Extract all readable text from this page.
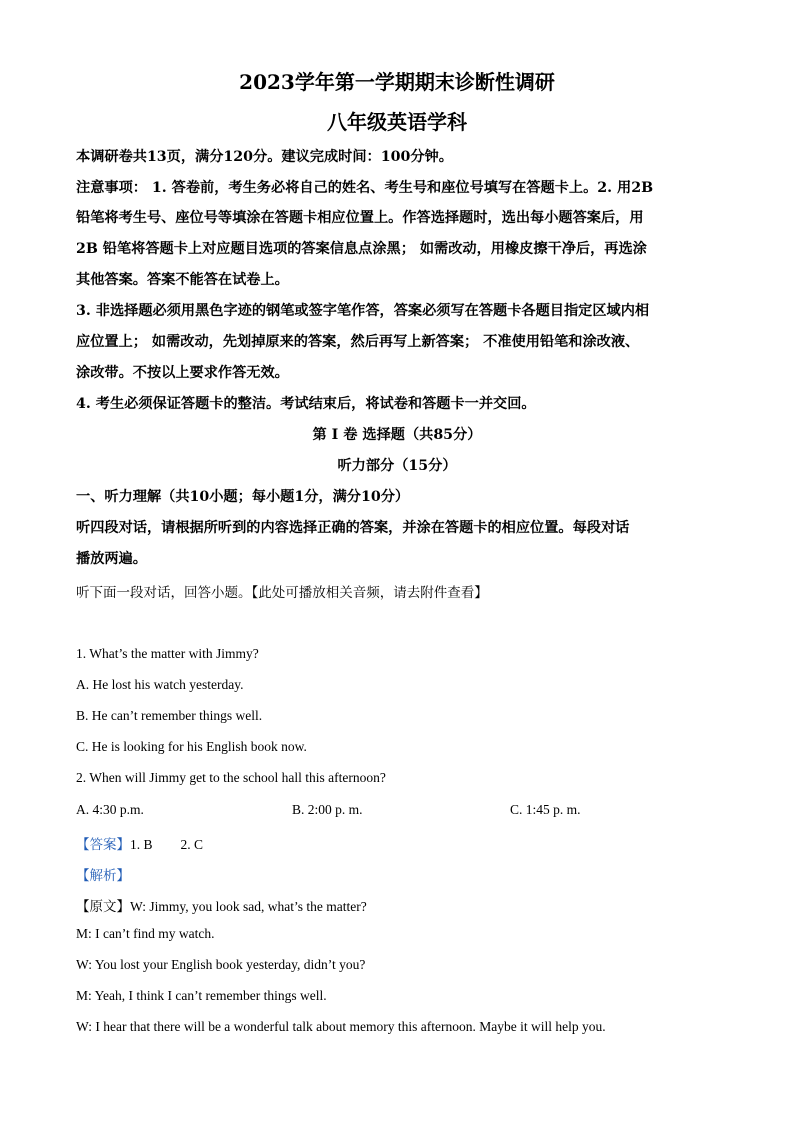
2023学年第一学期期末诊断性调研
八年级英语学科
本调研卷共13页，满分120分。建议完成时间：100分钟。
注意事项： 1. 答卷前，考生务必将自己的姓名、考生号和座位号填写在答题卡上。2. 用2B
铅笔将考生号、座位号等填涂在答题卡相应位置上。作答选择题时，选出每小题答案后，用
2B 铅笔将答题卡上对应题目选项的答案信息点涂黑； 如需改动，用橡皮擦干净后，再选涂
其他答案。答案不能答在试卷上。
3. 非选择题必须用黑色字迹的钢笔或签字笔作答，答案必须写在答题卡各题目指定区域内相
应位置上； 如需改动，先划掉原来的答案，然后再写上新答案； 不准使用铅笔和涂改液、
涂改带。不按以上要求作答无效。
4. 考生必须保证答题卡的整洁。考试结束后，将试卷和答题卡一并交回。
第 I 卷 选择题（共85分）
听力部分（15分）
一、听力理解（共10小题；每小题1分，满分10分）
听四段对话，请根据所听到的内容选择正确的答案，并涂在答题卡的相应位置。每段对话
播放两遍。
听下面一段对话，回答小题。【此处可播放相关音频，请去附件查看】
1. What’s the matter with Jimmy?
A. He lost his watch yesterday.
B. He can’t remember things well.
C. He is looking for his English book now.
2. When will Jimmy get to the school hall this afternoon?
A. 4:30 p.m.	B. 2:00 p. m.	C. 1:45 p. m.
【答案】1. B 2. C
【解析】
【原文】W: Jimmy, you look sad, what’s the matter?
M: I can’t find my watch.
W: You lost your English book yesterday, didn’t you?
M: Yeah, I think I can’t remember things well.
W: I hear that there will be a wonderful talk about memory this afternoon. Maybe it will help you.
